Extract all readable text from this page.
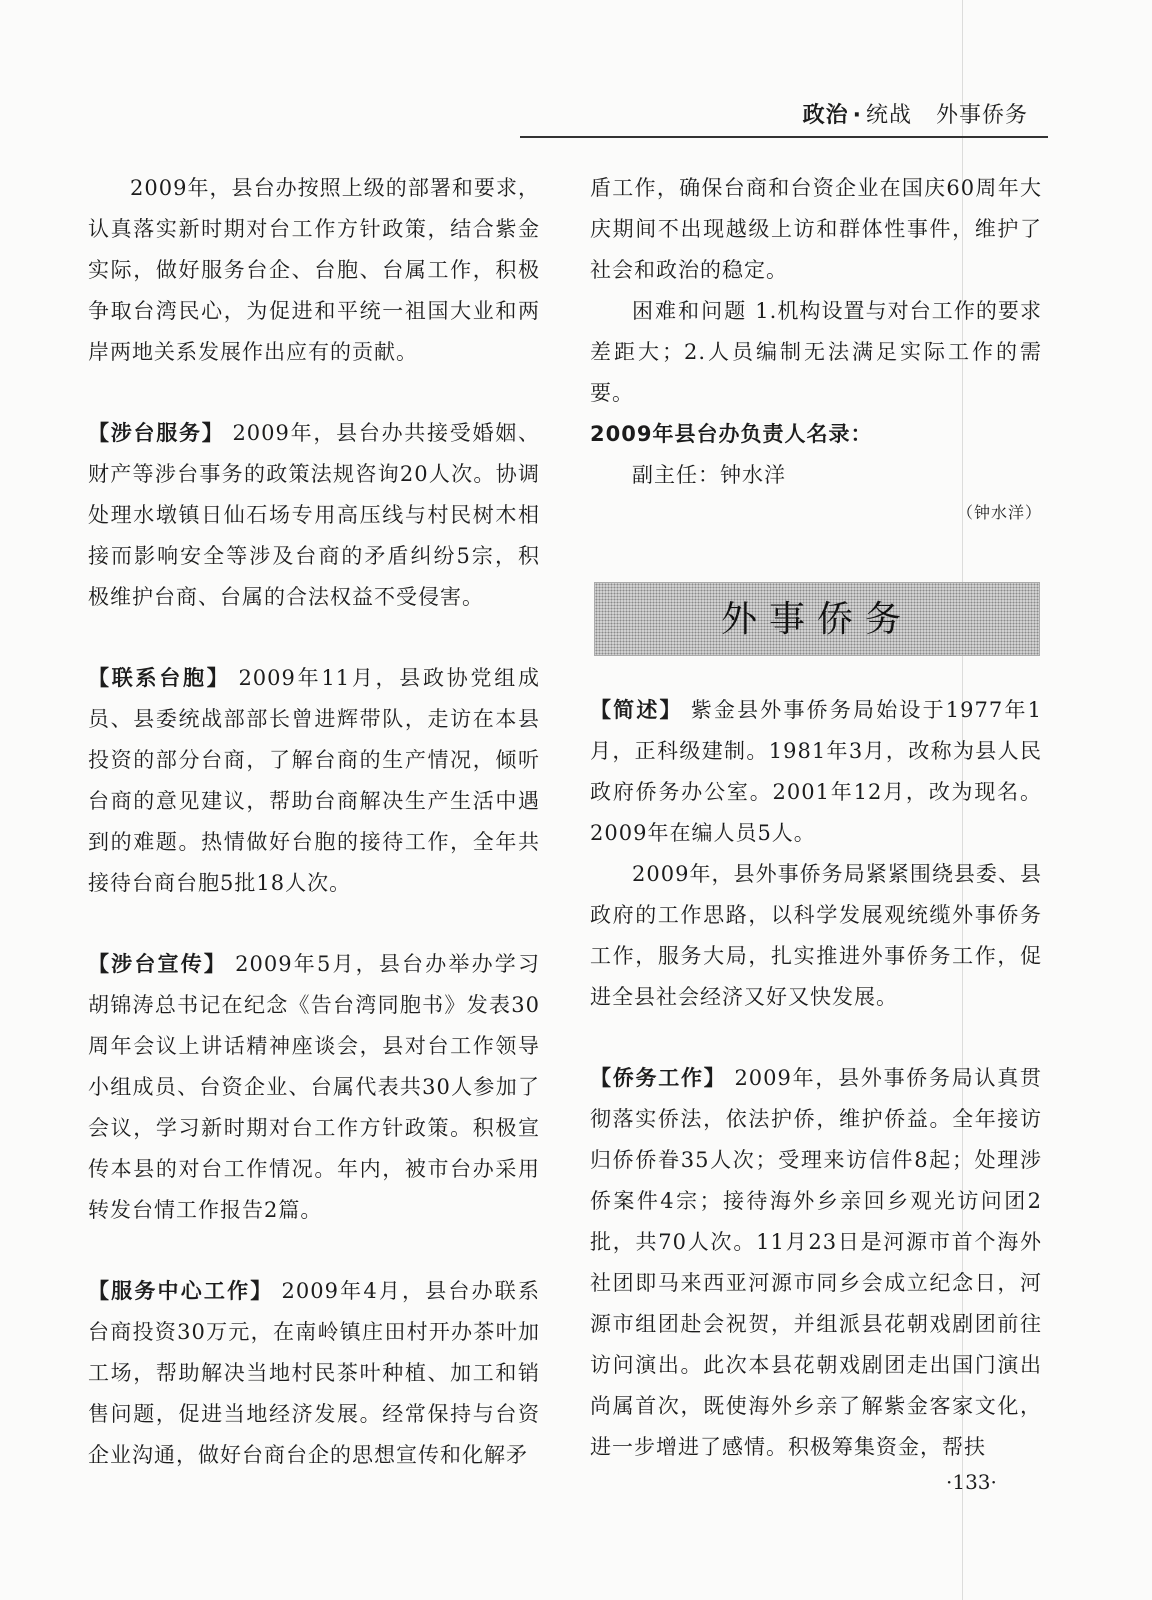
政治 · 统战 外事侨务

2009年，县台办按照上级的部署和要求，认真落实新时期对台工作方针政策，结合紫金实际，做好服务台企、台胞、台属工作，积极争取台湾民心，为促进和平统一祖国大业和两岸两地关系发展作出应有的贡献。

【涉台服务】 2009年，县台办共接受婚姻、财产等涉台事务的政策法规咨询20人次。协调处理水墩镇日仙石场专用高压线与村民树木相接而影响安全等涉及台商的矛盾纠纷5宗，积极维护台商、台属的合法权益不受侵害。

【联系台胞】 2009年11月，县政协党组成员、县委统战部部长曾进辉带队，走访在本县投资的部分台商，了解台商的生产情况，倾听台商的意见建议，帮助台商解决生产生活中遇到的难题。热情做好台胞的接待工作，全年共接待台商台胞5批18人次。

【涉台宣传】 2009年5月，县台办举办学习胡锦涛总书记在纪念《告台湾同胞书》发表30周年会议上讲话精神座谈会，县对台工作领导小组成员、台资企业、台属代表共30人参加了会议，学习新时期对台工作方针政策。积极宣传本县的对台工作情况。年内，被市台办采用转发台情工作报告2篇。

【服务中心工作】 2009年4月，县台办联系台商投资30万元，在南岭镇庄田村开办茶叶加工场，帮助解决当地村民茶叶种植、加工和销售问题，促进当地经济发展。经常保持与台资企业沟通，做好台商台企的思想宣传和化解矛

盾工作，确保台商和台资企业在国庆60周年大庆期间不出现越级上访和群体性事件，维护了社会和政治的稳定。

困难和问题 1.机构设置与对台工作的要求差距大；2.人员编制无法满足实际工作的需要。

2009年县台办负责人名录：

副主任：钟水洋

（钟水洋）
外事侨务

【简述】 紫金县外事侨务局始设于1977年1月，正科级建制。1981年3月，改称为县人民政府侨务办公室。2001年12月，改为现名。2009年在编人员5人。

2009年，县外事侨务局紧紧围绕县委、县政府的工作思路，以科学发展观统缆外事侨务工作，服务大局，扎实推进外事侨务工作，促进全县社会经济又好又快发展。

【侨务工作】 2009年，县外事侨务局认真贯彻落实侨法，依法护侨，维护侨益。全年接访归侨侨眷35人次；受理来访信件8起；处理涉侨案件4宗；接待海外乡亲回乡观光访问团2批，共70人次。11月23日是河源市首个海外社团即马来西亚河源市同乡会成立纪念日，河源市组团赴会祝贺，并组派县花朝戏剧团前往访问演出。此次本县花朝戏剧团走出国门演出尚属首次，既使海外乡亲了解紫金客家文化，进一步增进了感情。积极筹集资金，帮扶

·133·
